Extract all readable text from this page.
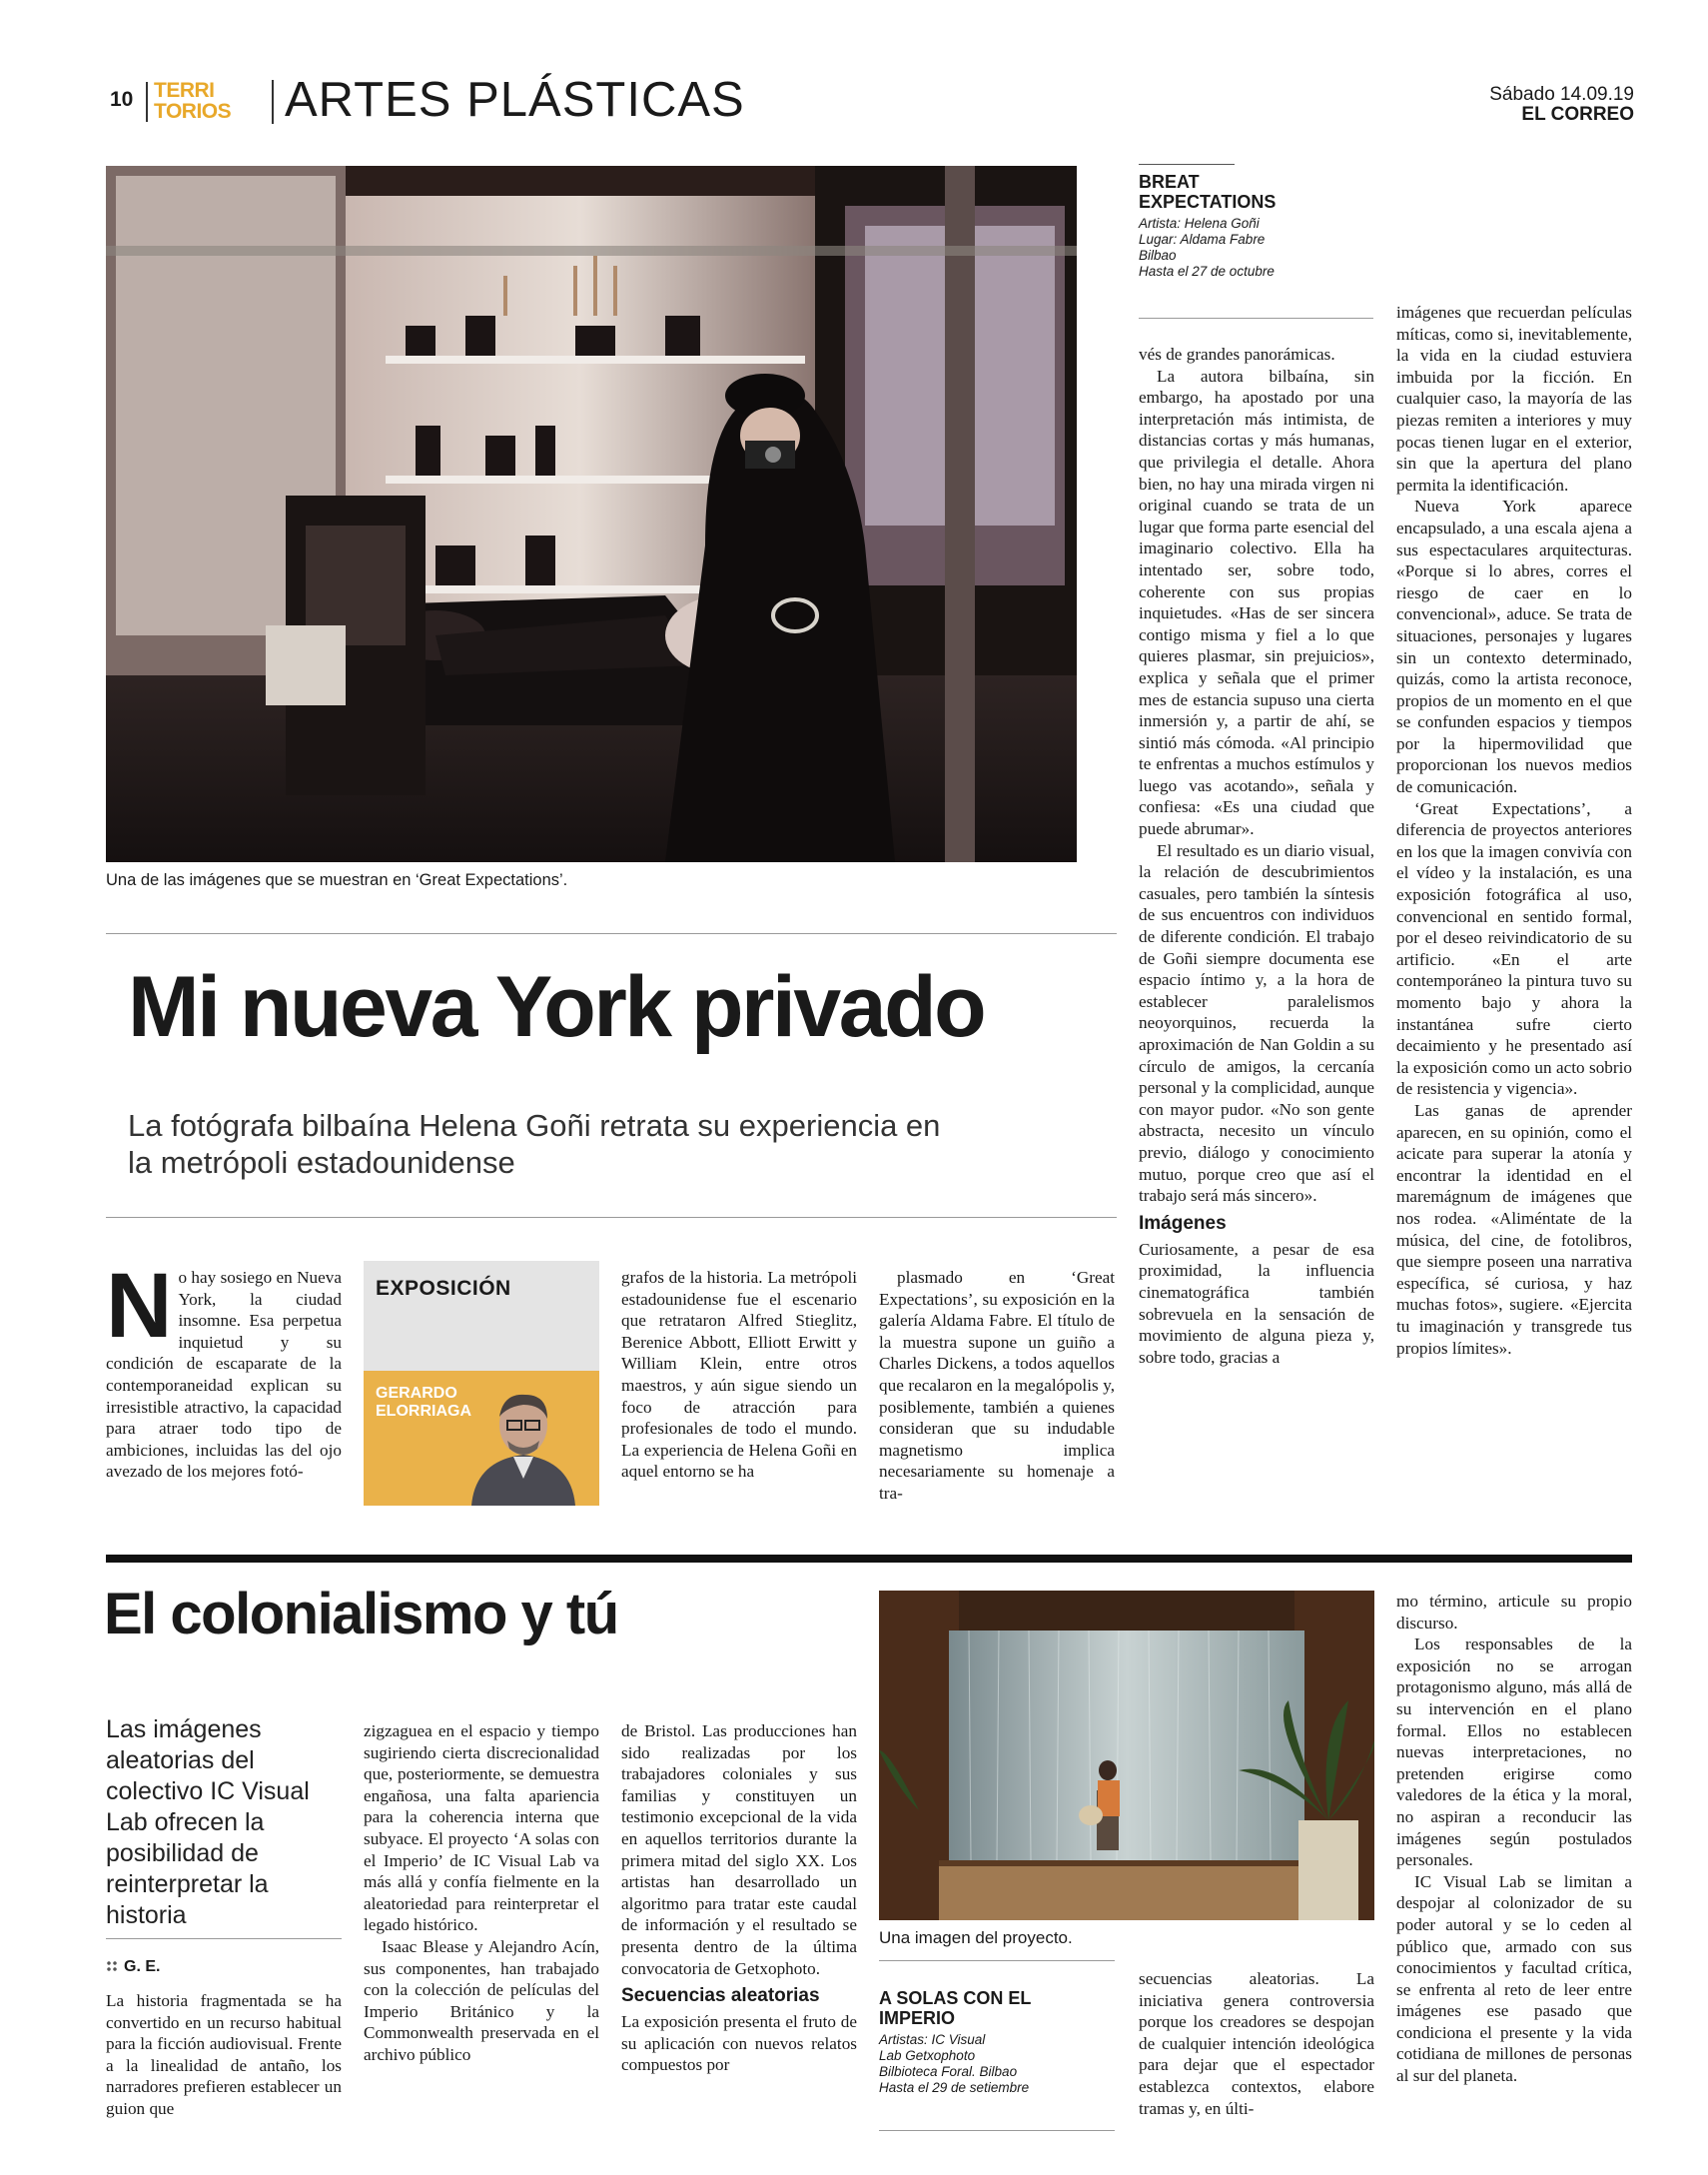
10 TERRI
TORIOS ARTES PLÁSTICAS	Sábado 14.09.19
EL CORREO
Una de las imágenes que se muestran en ‘Great Expectations’.
BREAT EXPECTATIONS
Artista: Helena Goñi
Lugar: Aldama Fabre
Bilbao
Hasta el 27 de octubre
Mi nueva York privado
La fotógrafa bilbaína Helena Goñi retrata su experiencia en la metrópoli estadounidense
N o hay sosiego en Nueva York, la ciudad insomne. Esa perpetua inquietud y su condición de escaparate de la contemporaneidad explican su irresistible atractivo, la capacidad para atraer todo tipo de ambiciones, incluidas las del ojo avezado de los mejores fotó-

EXPOSICIÓN
GERARDO ELORRIAGA

grafos de la historia. La metrópoli estadounidense fue el escenario que retrataron Alfred Stieglitz, Berenice Abbott, Elliott Erwitt y William Klein, entre otros maestros, y aún sigue siendo un foco de atracción para profesionales de todo el mundo. La experiencia de Helena Goñi en aquel entorno se ha

plasmado en ‘Great Expectations’, su exposición en la galería Aldama Fabre. El título de la muestra supone un guiño a Charles Dickens, a todos aquellos que recalaron en la megalópolis y, posiblemente, también a quienes consideran que su indudable magnetismo implica necesariamente su homenaje a tra-

vés de grandes panorámicas.

La autora bilbaína, sin embargo, ha apostado por una interpretación más intimista, de distancias cortas y más humanas, que privilegia el detalle. Ahora bien, no hay una mirada virgen ni original cuando se trata de un lugar que forma parte esencial del imaginario colectivo. Ella ha intentado ser, sobre todo, coherente con sus propias inquietudes. «Has de ser sincera contigo misma y fiel a lo que quieres plasmar, sin prejuicios», explica y señala que el primer mes de estancia supuso una cierta inmersión y, a partir de ahí, se sintió más cómoda. «Al principio te enfrentas a muchos estímulos y luego vas acotando», señala y confiesa: «Es una ciudad que puede abrumar».

El resultado es un diario visual, la relación de descubrimientos casuales, pero también la síntesis de sus encuentros con individuos de diferente condición. El trabajo de Goñi siempre documenta ese espacio íntimo y, a la hora de establecer paralelismos neoyorquinos, recuerda la aproximación de Nan Goldin a su círculo de amigos, la cercanía personal y la complicidad, aunque con mayor pudor. «No son gente abstracta, necesito un vínculo previo, diálogo y conocimiento mutuo, porque creo que así el trabajo será más sincero».

Imágenes

Curiosamente, a pesar de esa proximidad, la influencia cinematográfica también sobrevuela en la sensación de movimiento de alguna pieza y, sobre todo, gracias a

imágenes que recuerdan películas míticas, como si, inevitablemente, la vida en la ciudad estuviera imbuida por la ficción. En cualquier caso, la mayoría de las piezas remiten a interiores y muy pocas tienen lugar en el exterior, sin que la apertura del plano permita la identificación.

Nueva York aparece encapsulado, a una escala ajena a sus espectaculares arquitecturas. «Porque si lo abres, corres el riesgo de caer en lo convencional», aduce. Se trata de situaciones, personajes y lugares sin un contexto determinado, quizás, como la artista reconoce, propios de un momento en el que se confunden espacios y tiempos por la hipermovilidad que proporcionan los nuevos medios de comunicación.

‘Great Expectations’, a diferencia de proyectos anteriores en los que la imagen convivía con el vídeo y la instalación, es una exposición fotográfica al uso, convencional en sentido formal, por el deseo reivindicatorio de su artificio. «En el arte contemporáneo la pintura tuvo su momento bajo y ahora la instantánea sufre cierto decaimiento y he presentado así la exposición como un acto sobrio de resistencia y vigencia».

Las ganas de aprender aparecen, en su opinión, como el acicate para superar la atonía y encontrar la identidad en el maremágnum de imágenes que nos rodea. «Aliméntate de la música, del cine, de fotolibros, que siempre poseen una narrativa específica, sé curiosa, y haz muchas fotos», sugiere. «Ejercita tu imaginación y transgrede tus propios límites».

El colonialismo y tú
Las imágenes aleatorias del colectivo IC Visual Lab ofrecen la posibilidad de reinterpretar la historia
G. E.

La historia fragmentada se ha convertido en un recurso habitual para la ficción audiovisual. Frente a la linealidad de antaño, los narradores prefieren establecer un guion que

zigzaguea en el espacio y tiempo sugiriendo cierta discrecionalidad que, posteriormente, se demuestra engañosa, una falta apariencia para la coherencia interna que subyace. El proyecto ‘A solas con el Imperio’ de IC Visual Lab va más allá y confía fielmente en la aleatoriedad para reinterpretar el legado histórico.

Isaac Blease y Alejandro Acín, sus componentes, han trabajado con la colección de películas del Imperio Británico y la Commonwealth preservada en el archivo público

de Bristol. Las producciones han sido realizadas por los trabajadores coloniales y sus familias y constituyen un testimonio excepcional de la vida en aquellos territorios durante la primera mitad del siglo XX. Los artistas han desarrollado un algoritmo para tratar este caudal de información y el resultado se presenta dentro de la última convocatoria de Getxophoto.

Secuencias aleatorias

La exposición presenta el fruto de su aplicación con nuevos relatos compuestos por

Una imagen del proyecto.
A SOLAS CON EL IMPERIO
Artistas: IC Visual
Lab Getxophoto
Bilbioteca Foral. Bilbao
Hasta el 29 de setiembre

secuencias aleatorias. La iniciativa genera controversia porque los creadores se despojan de cualquier intención ideológica para dejar que el espectador establezca contextos, elabore tramas y, en últi-

mo término, articule su propio discurso.

Los responsables de la exposición no se arrogan protagonismo alguno, más allá de su intervención en el plano formal. Ellos no establecen nuevas interpretaciones, no pretenden erigirse como valedores de la ética y la moral, no aspiran a reconducir las imágenes según postulados personales.

IC Visual Lab se limitan a despojar al colonizador de su poder autoral y se lo ceden al público que, armado con sus conocimientos y facultad crítica, se enfrenta al reto de leer entre imágenes ese pasado que condiciona el presente y la vida cotidiana de millones de personas al sur del planeta.
